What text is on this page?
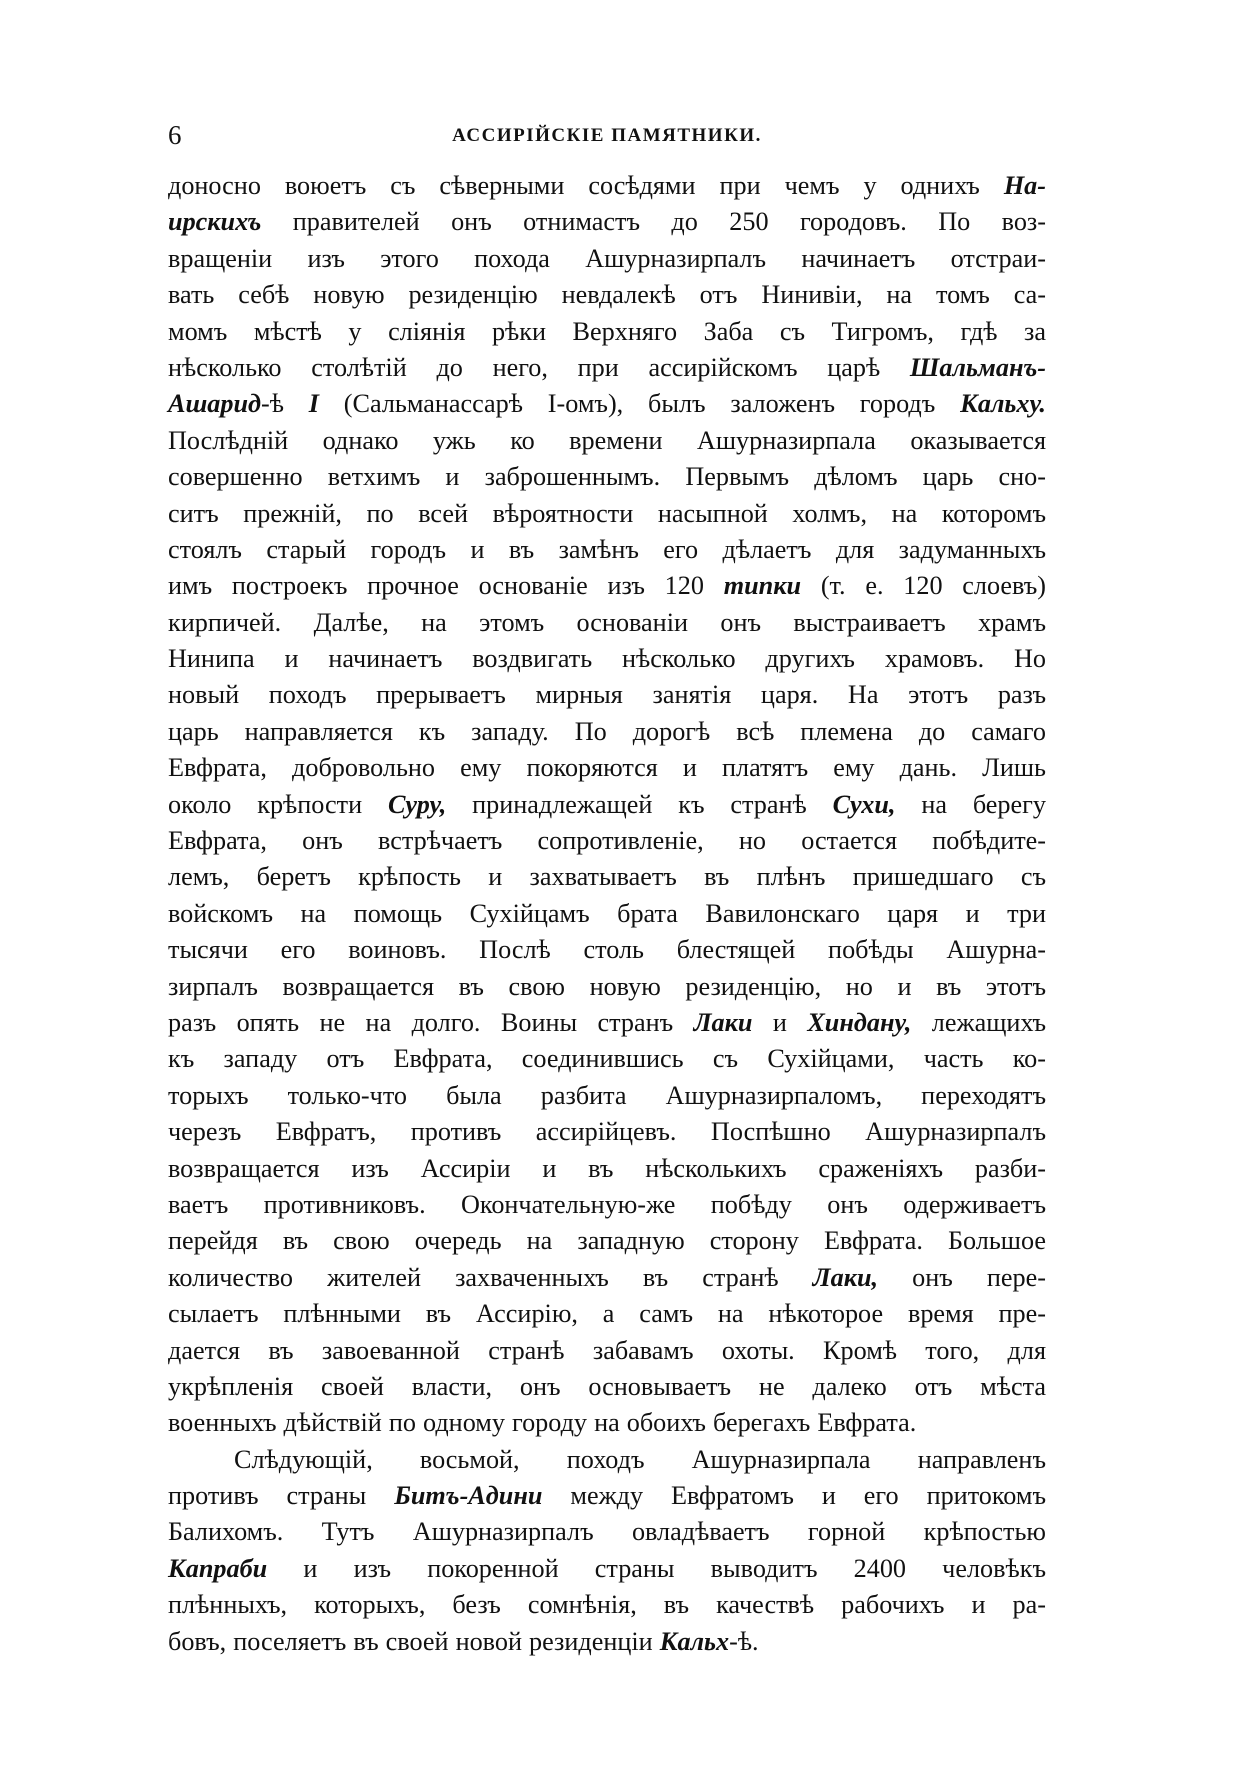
6	АССИРІЙСКІЕ ПАМЯТНИКИ.
доносно воюетъ съ сѣверными сосѣдями при чемъ у однихъ На-
ирскихъ правителей онъ отнимастъ до 250 городовъ. По воз-
вращеніи изъ этого похода Ашурназирпалъ начинаетъ отстраи-
вать себѣ новую резиденцію невдалекѣ отъ Нинивіи, на томъ са-
момъ мѣстѣ у сліянія рѣки Верхняго Заба съ Тигромъ, гдѣ за
нѣсколько столѣтій до него, при ассирійскомъ царѣ Шальманъ-
Ашарид-ѣ I (Сальманассарѣ I-омъ), былъ заложенъ городъ Кальху.
Послѣдній однако ужь ко времени Ашурназирпала оказывается
совершенно ветхимъ и заброшеннымъ. Первымъ дѣломъ царь сно-
ситъ прежній, по всей вѣроятности насыпной холмъ, на которомъ
стоялъ старый городъ и въ замѣнъ его дѣлаетъ для задуманныхъ
имъ построекъ прочное основаніе изъ 120 типки (т. е. 120 слоевъ)
кирпичей. Далѣе, на этомъ основаніи онъ выстраиваетъ храмъ
Нинипа и начинаетъ воздвигать нѣсколько другихъ храмовъ. Но
новый походъ прерываетъ мирныя занятія царя. На этотъ разъ
царь направляется къ западу. По дорогѣ всѣ племена до самаго
Евфрата, добровольно ему покоряются и платятъ ему дань. Лишь
около крѣпости Суру, принадлежащей къ странѣ Сухи, на берегу
Евфрата, онъ встрѣчаетъ сопротивленіе, но остается побѣдите-
лемъ, беретъ крѣпость и захватываетъ въ плѣнъ пришедшаго съ
войскомъ на помощь Сухійцамъ брата Вавилонскаго царя и три
тысячи его воиновъ. Послѣ столь блестящей побѣды Ашурна-
зирпалъ возвращается въ свою новую резиденцію, но и въ этотъ
разъ опять не на долго. Воины странъ Лаки и Хиндану, лежащихъ
къ западу отъ Евфрата, соединившись съ Сухійцами, часть ко-
торыхъ только-что была разбита Ашурназирпаломъ, переходятъ
черезъ Евфратъ, противъ ассирійцевъ. Поспѣшно Ашурназирпалъ
возвращается изъ Ассиріи и въ нѣсколькихъ сраженіяхъ разби-
ваетъ противниковъ. Окончательную-же побѣду онъ одерживаетъ
перейдя въ свою очередь на западную сторону Евфрата. Большое
количество жителей захваченныхъ въ странѣ Лаки, онъ пере-
сылаетъ плѣнными въ Ассирію, а самъ на нѣкоторое время пре-
дается въ завоеванной странѣ забавамъ охоты. Кромѣ того, для
укрѣпленія своей власти, онъ основываетъ не далеко отъ мѣста
военныхъ дѣйствій по одному городу на обоихъ берегахъ Евфрата.
Слѣдующій, восьмой, походъ Ашурназирпала направленъ
противъ страны Битъ-Адини между Евфратомъ и его притокомъ
Балихомъ. Тутъ Ашурназирпалъ овладѣваетъ горной крѣпостью
Капраби и изъ покоренной страны выводитъ 2400 человѣкъ
плѣнныхъ, которыхъ, безъ сомнѣнія, въ качествѣ рабочихъ и ра-
бовъ, поселяетъ въ своей новой резиденціи Кальх-ѣ.
